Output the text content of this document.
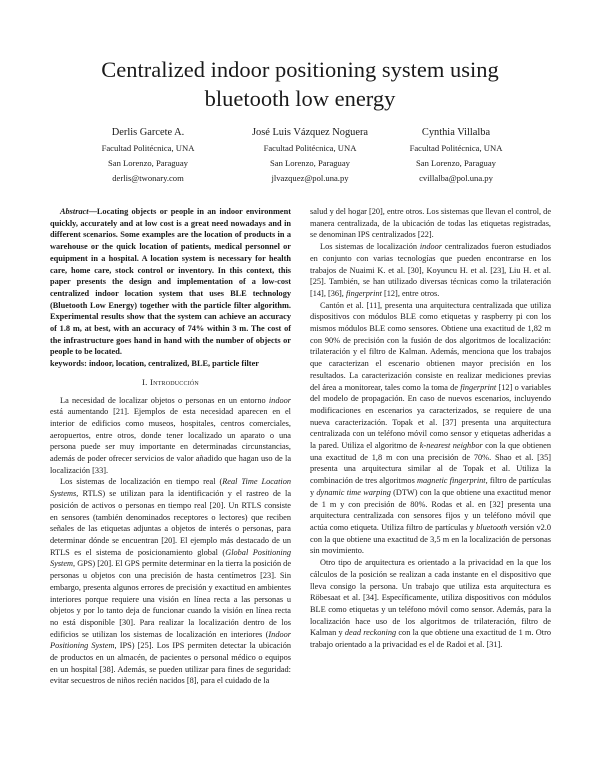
Centralized indoor positioning system using
bluetooth low energy
Derlis Garcete A.
Facultad Politécnica, UNA
San Lorenzo, Paraguay
derlis@twonary.com
José Luis Vázquez Noguera
Facultad Politécnica, UNA
San Lorenzo, Paraguay
jlvazquez@pol.una.py
Cynthia Villalba
Facultad Politécnica, UNA
San Lorenzo, Paraguay
cvillalba@pol.una.py

Abstract—Locating objects or people in an indoor environment quickly, accurately and at low cost is a great need nowadays and in different scenarios. Some examples are the location of products in a warehouse or the quick location of patients, medical personnel or equipment in a hospital. A location system is necessary for health care, home care, stock control or inventory. In this context, this paper presents the design and implementation of a low-cost centralized indoor location system that uses BLE technology (Bluetooth Low Energy) together with the particle filter algorithm. Experimental results show that the system can achieve an accuracy of 1.8 m, at best, with an accuracy of 74% within 3 m. The cost of the infrastructure goes hand in hand with the number of objects or people to be located.

keywords: indoor, location, centralized, BLE, particle filter

I. Introducción

La necesidad de localizar objetos o personas en un entorno indoor está aumentando [21]. Ejemplos de esta necesidad aparecen en el interior de edificios como museos, hospitales, centros comerciales, aeropuertos, entre otros, donde tener localizado un aparato o una persona puede ser muy importante en determinadas circunstancias, además de poder ofrecer servicios de valor añadido que hagan uso de la localización [33].

Los sistemas de localización en tiempo real (Real Time Location Systems, RTLS) se utilizan para la identificación y el rastreo de la posición de activos o personas en tiempo real [20]. Un RTLS consiste en sensores (también denominados receptores o lectores) que reciben señales de las etiquetas adjuntas a objetos de interés o personas, para determinar dónde se encuentran [20]. El ejemplo más destacado de un RTLS es el sistema de posicionamiento global (Global Positioning System, GPS) [20]. El GPS permite determinar en la tierra la posición de personas u objetos con una precisión de hasta centímetros [23]. Sin embargo, presenta algunos errores de precisión y exactitud en ambientes interiores porque requiere una visión en línea recta a las personas u objetos y por lo tanto deja de funcionar cuando la visión en línea recta no está disponible [30]. Para realizar la localización dentro de los edificios se utilizan los sistemas de localización en interiores (Indoor Positioning System, IPS) [25]. Los IPS permiten detectar la ubicación de productos en un almacén, de pacientes o personal médico o equipos en un hospital [38]. Además, se pueden utilizar para fines de seguridad: evitar secuestros de niños recién nacidos [8], para el cuidado de la

salud y del hogar [20], entre otros. Los sistemas que llevan el control, de manera centralizada, de la ubicación de todas las etiquetas registradas, se denominan IPS centralizados [22].

Los sistemas de localización indoor centralizados fueron estudiados en conjunto con varias tecnologías que pueden encontrarse en los trabajos de Nuaimi K. et al. [30], Koyuncu H. et al. [23], Liu H. et al. [25]. También, se han utilizado diversas técnicas como la trilateración [14], [36], fingerprint [12], entre otros.

Cantón et al. [11], presenta una arquitectura centralizada que utiliza dispositivos con módulos BLE como etiquetas y raspberry pi con los mismos módulos BLE como sensores. Obtiene una exactitud de 1,82 m con 90% de precisión con la fusión de dos algoritmos de localización: trilateración y el filtro de Kalman. Además, menciona que los trabajos que caracterizan el escenario obtienen mayor precisión en los resultados. La caracterización consiste en realizar mediciones previas del área a monitorear, tales como la toma de fingerprint [12] o variables del modelo de propagación. En caso de nuevos escenarios, incluyendo modificaciones en escenarios ya caracterizados, se requiere de una nueva caracterización. Topak et al. [37] presenta una arquitectura centralizada con un teléfono móvil como sensor y etiquetas adheridas a la pared. Utiliza el algoritmo de k-nearest neighbor con la que obtienen una exactitud de 1,8 m con una precisión de 70%. Shao et al. [35] presenta una arquitectura similar al de Topak et al. Utiliza la combinación de tres algoritmos magnetic fingerprint, filtro de partículas y dynamic time warping (DTW) con la que obtiene una exactitud menor de 1 m y con precisión de 80%. Rodas et al. en [32] presenta una arquitectura centralizada con sensores fijos y un teléfono móvil que actúa como etiqueta. Utiliza filtro de partículas y bluetooth versión v2.0 con la que obtiene una exactitud de 3,5 m en la localización de personas sin movimiento.

Otro tipo de arquitectura es orientado a la privacidad en la que los cálculos de la posición se realizan a cada instante en el dispositivo que lleva consigo la persona. Un trabajo que utiliza esta arquitectura es Röbesaat et al. [34]. Específicamente, utiliza dispositivos con módulos BLE como etiquetas y un teléfono móvil como sensor. Además, para la localización hace uso de los algoritmos de trilateración, filtro de Kalman y dead reckoning con la que obtiene una exactitud de 1 m. Otro trabajo orientado a la privacidad es el de Radoi et al. [31].
